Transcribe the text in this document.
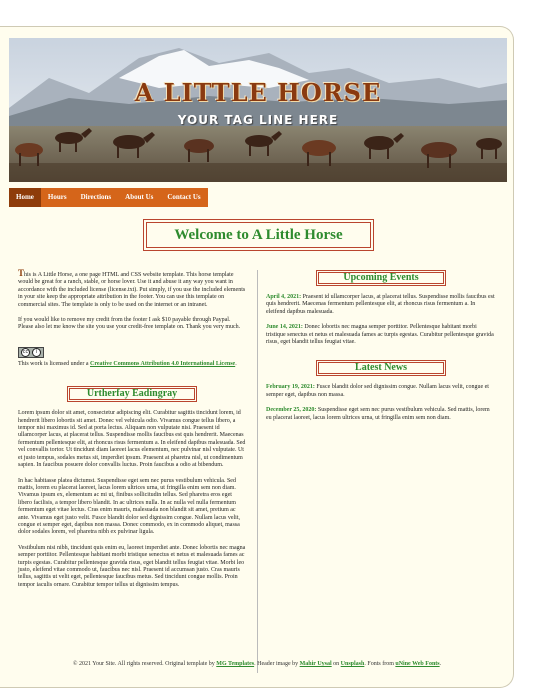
A LITTLE HORSE
YOUR TAG LINE HERE
Home	Hours	Directions	About Us	Contact Us
Welcome to A Little Horse

This is A Little Horse, a one page HTML and CSS website template. This horse template would be great for a ranch, stable, or horse lover. Use it and abuse it any way you want in accordance with the included license (license.txt). Put simply, if you use the included elements in your site keep the appropriate attribution in the footer. You can use this template on commercial sites. The template is only to be used on the internet or an intranet.

If you would like to remove my credit from the footer I ask $10 payable through Paypal. Please also let me know the site you use your credit-free template on. Thank you very much.

cc	i

This work is licensed under a Creative Commons Attribution 4.0 International License.

Urtherfay Eadingray

Lorem ipsum dolor sit amet, consectetur adipiscing elit. Curabitur sagittis tincidunt lorem, id hendrerit libero lobortis sit amet. Donec vel vehicula odio. Vivamus congue tellus libero, a tempor nisi maximus id. Sed at porta lectus. Aliquam non vulputate nisi. Praesent id ullamcorper lacus, at placerat tellus. Suspendisse mollis faucibus est quis hendrerit. Maecenas fermentum pellentesque elit, at rhoncus risus fermentum a. In eleifend dapibus malesuada. Sed vel convallis tortor. Ut tincidunt diam laoreet lacus elementum, nec pulvinar nisl vulputate. Ut et justo tempus, sodales metus sit, imperdiet ipsum. Praesent at pharetra nisl, ut condimentum sapien. In faucibus posuere dolor convallis luctus. Proin faucibus a odio at bibendum.

In hac habitasse platea dictumst. Suspendisse eget sem nec purus vestibulum vehicula. Sed mattis, lorem eu placerat laoreet, lacus lorem ultrices urna, ut fringilla enim sem non diam. Vivamus ipsum ex, elementum ac mi ut, finibus sollicitudin tellus. Sed pharetra eros eget libero facilisis, a tempor libero blandit. In ac ultrices nulla. In ac nulla vel nulla fermentum fermentum eget vitae lectus. Cras enim mauris, malesuada non blandit sit amet, pretium ac ante. Vivamus eget justo velit. Fusce blandit dolor sed dignissim congue. Nullam lacus velit, congue et semper eget, dapibus non massa. Donec commodo, ex in commodo aliquet, massa dolor sodales lorem, vel pharetra nibh ex pulvinar ligula.

Vestibulum nisi nibh, tincidunt quis enim eu, laoreet imperdiet ante. Donec lobortis nec magna semper porttitor. Pellentesque habitant morbi tristique senectus et netus et malesuada fames ac turpis egestas. Curabitur pellentesque gravida risus, eget blandit tellus feugiat vitae. Morbi leo justo, eleifend vitae commodo ut, faucibus nec nisl. Praesent id accumsan justo. Cras mauris tellus, sagittis ut velit eget, pellentesque faucibus metus. Sed tincidunt congue mollis. Proin tempor iaculis ornare. Curabitur tempor tellus ut dignissim tempus.

Upcoming Events

April 4, 2021: Praesent id ullamcorper lacus, at placerat tellus. Suspendisse mollis faucibus est quis hendrerit. Maecenas fermentum pellentesque elit, at rhoncus risus fermentum a. In eleifend dapibus malesuada.

June 14, 2021: Donec lobortis nec magna semper porttitor. Pellentesque habitant morbi tristique senectus et netus et malesuada fames ac turpis egestas. Curabitur pellentesque gravida risus, eget blandit tellus feugiat vitae.

Latest News

February 19, 2021: Fusce blandit dolor sed dignissim congue. Nullam lacus velit, congue et semper eget, dapibus non massa.

December 25, 2020: Suspendisse eget sem nec purus vestibulum vehicula. Sed mattis, lorem eu placerat laoreet, lacus lorem ultrices urna, ut fringilla enim sem non diam.

© 2021 Your Site. All rights reserved. Original template by MG Templates. Header image by Mahir Uysal on Unsplash. Fonts from uNine Web Fonts.
